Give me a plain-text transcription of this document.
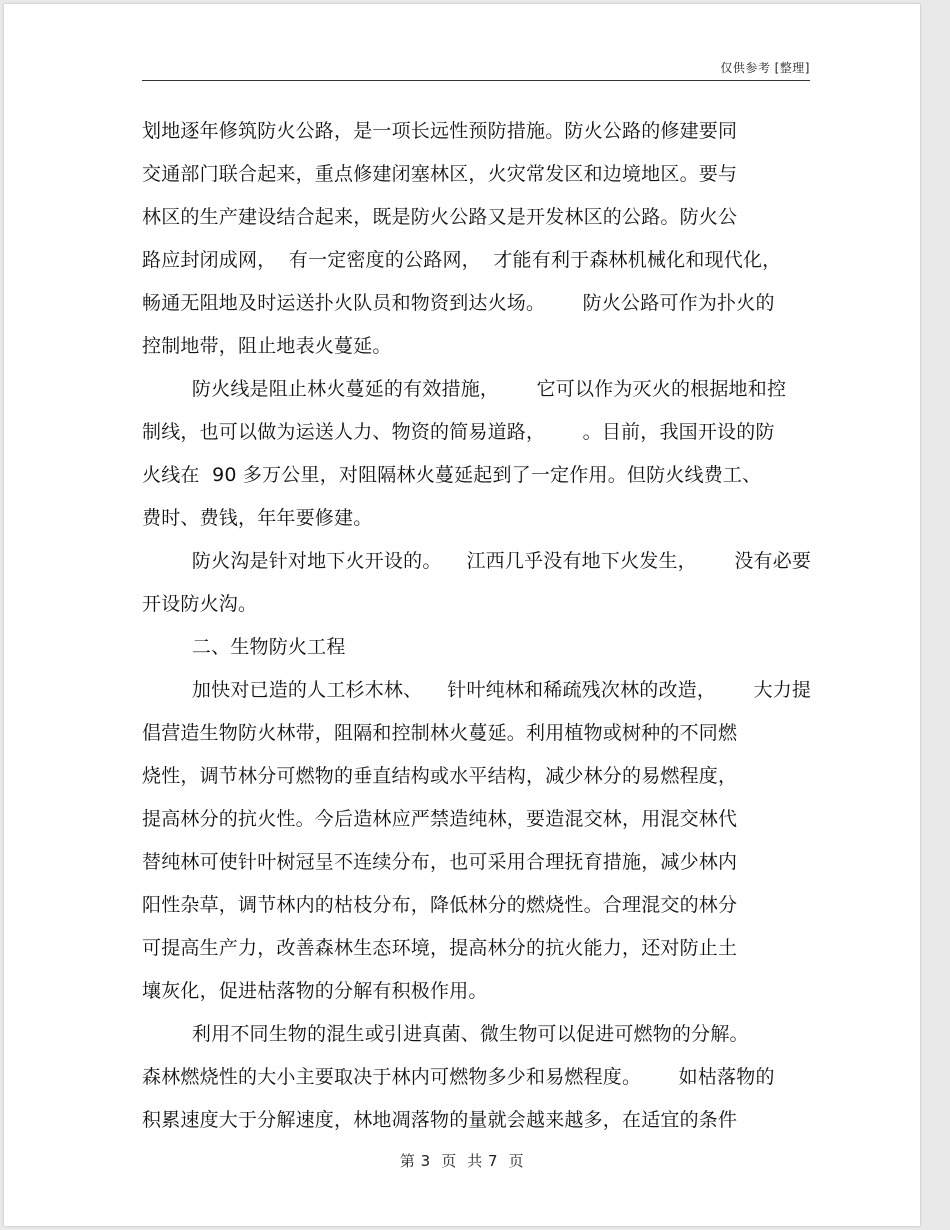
仅供参考 [整理]
划地逐年修筑防火公路，是一项长远性预防措施。防火公路的修建要同
交通部门联合起来，重点修建闭塞林区，火灾常发区和边境地区。要与
林区的生产建设结合起来，既是防火公路又是开发林区的公路。防火公
路应封闭成网，  有一定密度的公路网，  才能有利于森林机械化和现代化，
畅通无阻地及时运送扑火队员和物资到达火场。      防火公路可作为扑火的
控制地带，阻止地表火蔓延。
防火线是阻止林火蔓延的有效措施，      它可以作为灭火的根据地和控
制线，也可以做为运送人力、物资的简易道路，      。目前，我国开设的防
火线在  90 多万公里，对阻隔林火蔓延起到了一定作用。但防火线费工、
费时、费钱，年年要修建。
防火沟是针对地下火开设的。    江西几乎没有地下火发生，      没有必要
开设防火沟。
二、生物防火工程
加快对已造的人工杉木林、    针叶纯林和稀疏残次林的改造，      大力提
倡营造生物防火林带，阻隔和控制林火蔓延。利用植物或树种的不同燃
烧性，调节林分可燃物的垂直结构或水平结构，减少林分的易燃程度，
提高林分的抗火性。今后造林应严禁造纯林，要造混交林，用混交林代
替纯林可使针叶树冠呈不连续分布，也可采用合理抚育措施，减少林内
阳性杂草，调节林内的枯枝分布，降低林分的燃烧性。合理混交的林分
可提高生产力，改善森林生态环境，提高林分的抗火能力，还对防止土
壤灰化，促进枯落物的分解有积极作用。
利用不同生物的混生或引进真菌、微生物可以促进可燃物的分解。
森林燃烧性的大小主要取决于林内可燃物多少和易燃程度。      如枯落物的
积累速度大于分解速度，林地凋落物的量就会越来越多，在适宜的条件
第 3  页  共 7  页
